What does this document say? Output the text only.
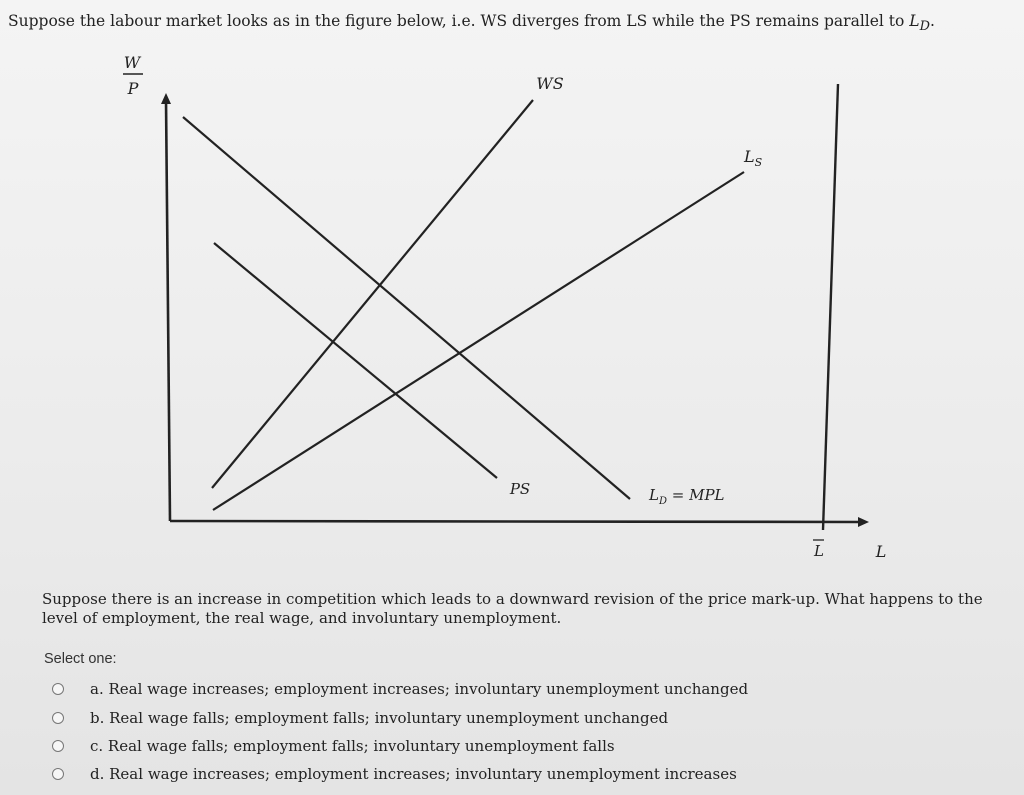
Suppose the labour market looks as in the figure below, i.e. WS diverges from LS while the PS remains parallel to $L_D$.
W
P	WS
$L_S$
PS	$L_D$ = MPL
L	L
Suppose there is an increase in competition which leads to a downward revision of the price mark-up. What happens to the level of employment, the real wage, and involuntary unemployment.
Select one:
a. Real wage increases; employment increases; involuntary unemployment unchanged
b. Real wage falls; employment falls; involuntary unemployment unchanged
c. Real wage falls; employment falls; involuntary unemployment falls
d. Real wage increases; employment increases; involuntary unemployment increases
